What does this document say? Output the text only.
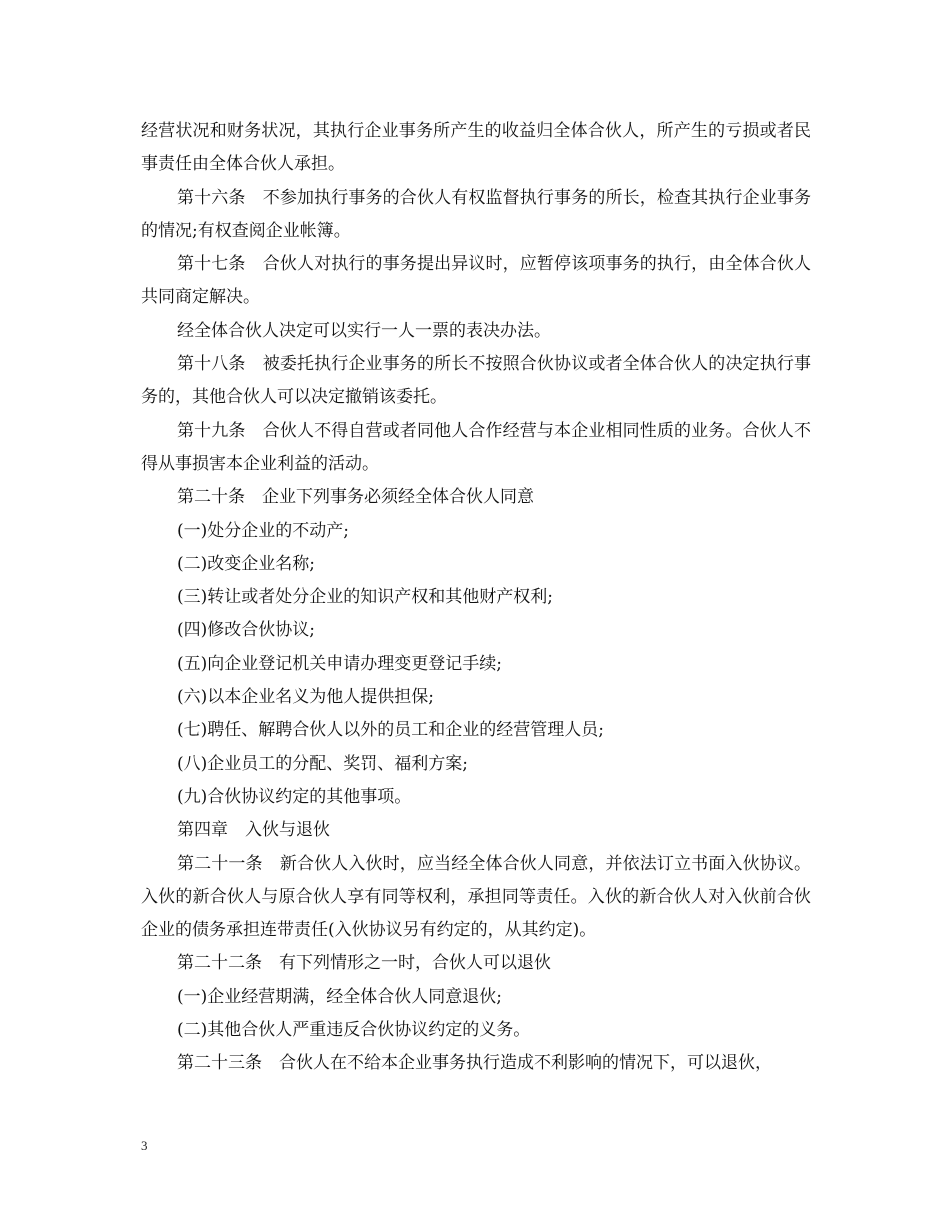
经营状况和财务状况，其执行企业事务所产生的收益归全体合伙人，所产生的亏损或者民事责任由全体合伙人承担。

第十六条　不参加执行事务的合伙人有权监督执行事务的所长，检查其执行企业事务的情况;有权查阅企业帐簿。

第十七条　合伙人对执行的事务提出异议时，应暂停该项事务的执行，由全体合伙人共同商定解决。

经全体合伙人决定可以实行一人一票的表决办法。

第十八条　被委托执行企业事务的所长不按照合伙协议或者全体合伙人的决定执行事务的，其他合伙人可以决定撤销该委托。

第十九条　合伙人不得自营或者同他人合作经营与本企业相同性质的业务。合伙人不得从事损害本企业利益的活动。

第二十条　企业下列事务必须经全体合伙人同意

(一)处分企业的不动产;

(二)改变企业名称;

(三)转让或者处分企业的知识产权和其他财产权利;

(四)修改合伙协议;

(五)向企业登记机关申请办理变更登记手续;

(六)以本企业名义为他人提供担保;

(七)聘任、解聘合伙人以外的员工和企业的经营管理人员;

(八)企业员工的分配、奖罚、福利方案;

(九)合伙协议约定的其他事项。

第四章　入伙与退伙

第二十一条　新合伙人入伙时，应当经全体合伙人同意，并依法订立书面入伙协议。入伙的新合伙人与原合伙人享有同等权利，承担同等责任。入伙的新合伙人对入伙前合伙企业的债务承担连带责任(入伙协议另有约定的，从其约定)。

第二十二条　有下列情形之一时，合伙人可以退伙

(一)企业经营期满，经全体合伙人同意退伙;

(二)其他合伙人严重违反合伙协议约定的义务。

第二十三条　合伙人在不给本企业事务执行造成不利影响的情况下，可以退伙，

3
